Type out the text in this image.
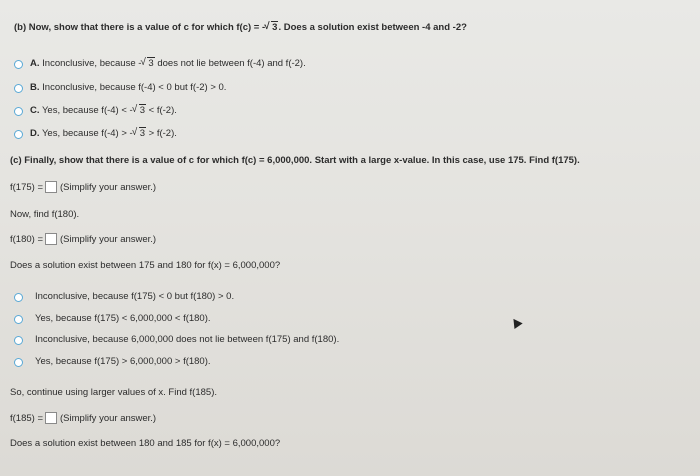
(b) Now, show that there is a value of c for which f(c) = - √ 3. Does a solution exist between -4 and -2?
A. Inconclusive, because - √ 3 does not lie between f(-4) and f(-2).
B. Inconclusive, because f(-4) < 0 but f(-2) > 0.
C. Yes, because f(-4) < - √ 3 < f(-2).
D. Yes, because f(-4) > - √ 3 > f(-2).
(c) Finally, show that there is a value of c for which f(c) = 6,000,000. Start with a large x-value. In this case, use 175. Find f(175).
f(175) = (Simplify your answer.)
Now, find f(180).
f(180) = (Simplify your answer.)
Does a solution exist between 175 and 180 for f(x) = 6,000,000?
Inconclusive, because f(175) < 0 but f(180) > 0.
Yes, because f(175) < 6,000,000 < f(180).
Inconclusive, because 6,000,000 does not lie between f(175) and f(180).
Yes, because f(175) > 6,000,000 > f(180).
So, continue using larger values of x. Find f(185).
f(185) = (Simplify your answer.)
Does a solution exist between 180 and 185 for f(x) = 6,000,000?
